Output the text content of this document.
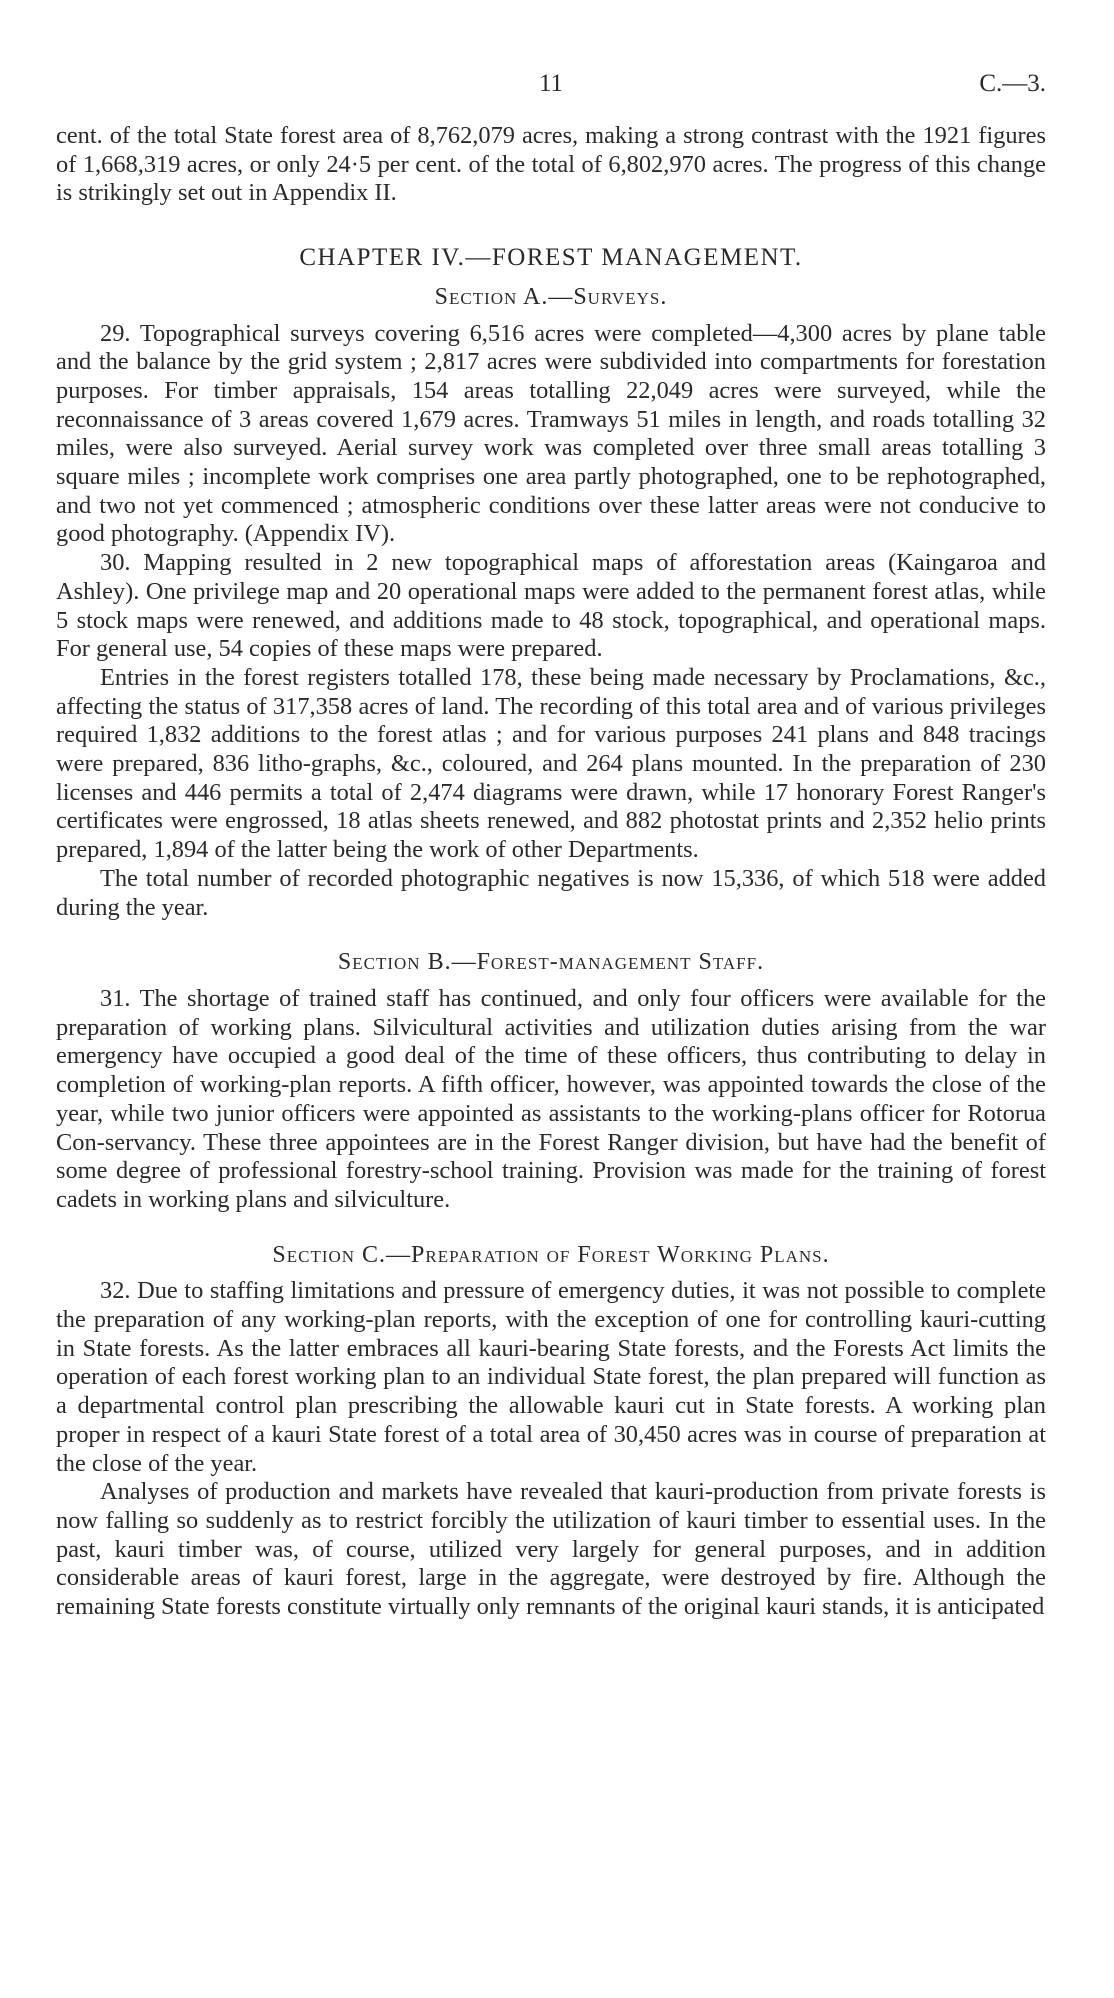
11	C.—3.

cent. of the total State forest area of 8,762,079 acres, making a strong contrast with the 1921 figures of 1,668,319 acres, or only 24·5 per cent. of the total of 6,802,970 acres. The progress of this change is strikingly set out in Appendix II.

CHAPTER IV.—FOREST MANAGEMENT.
Section A.—Surveys.

29. Topographical surveys covering 6,516 acres were completed—4,300 acres by plane table and the balance by the grid system ; 2,817 acres were subdivided into compartments for forestation purposes. For timber appraisals, 154 areas totalling 22,049 acres were surveyed, while the reconnaissance of 3 areas covered 1,679 acres. Tramways 51 miles in length, and roads totalling 32 miles, were also surveyed. Aerial survey work was completed over three small areas totalling 3 square miles ; incomplete work comprises one area partly photographed, one to be rephotographed, and two not yet commenced ; atmospheric conditions over these latter areas were not conducive to good photography. (Appendix IV).

30. Mapping resulted in 2 new topographical maps of afforestation areas (Kaingaroa and Ashley). One privilege map and 20 operational maps were added to the permanent forest atlas, while 5 stock maps were renewed, and additions made to 48 stock, topographical, and operational maps. For general use, 54 copies of these maps were prepared.

Entries in the forest registers totalled 178, these being made necessary by Proclamations, &c., affecting the status of 317,358 acres of land. The recording of this total area and of various privileges required 1,832 additions to the forest atlas ; and for various purposes 241 plans and 848 tracings were prepared, 836 litho-graphs, &c., coloured, and 264 plans mounted. In the preparation of 230 licenses and 446 permits a total of 2,474 diagrams were drawn, while 17 honorary Forest Ranger's certificates were engrossed, 18 atlas sheets renewed, and 882 photostat prints and 2,352 helio prints prepared, 1,894 of the latter being the work of other Departments.

The total number of recorded photographic negatives is now 15,336, of which 518 were added during the year.

Section B.—Forest-management Staff.

31. The shortage of trained staff has continued, and only four officers were available for the preparation of working plans. Silvicultural activities and utilization duties arising from the war emergency have occupied a good deal of the time of these officers, thus contributing to delay in completion of working-plan reports. A fifth officer, however, was appointed towards the close of the year, while two junior officers were appointed as assistants to the working-plans officer for Rotorua Con-servancy. These three appointees are in the Forest Ranger division, but have had the benefit of some degree of professional forestry-school training. Provision was made for the training of forest cadets in working plans and silviculture.

Section C.—Preparation of Forest Working Plans.

32. Due to staffing limitations and pressure of emergency duties, it was not possible to complete the preparation of any working-plan reports, with the exception of one for controlling kauri-cutting in State forests. As the latter embraces all kauri-bearing State forests, and the Forests Act limits the operation of each forest working plan to an individual State forest, the plan prepared will function as a departmental control plan prescribing the allowable kauri cut in State forests. A working plan proper in respect of a kauri State forest of a total area of 30,450 acres was in course of preparation at the close of the year.

Analyses of production and markets have revealed that kauri-production from private forests is now falling so suddenly as to restrict forcibly the utilization of kauri timber to essential uses. In the past, kauri timber was, of course, utilized very largely for general purposes, and in addition considerable areas of kauri forest, large in the aggregate, were destroyed by fire. Although the remaining State forests constitute virtually only remnants of the original kauri stands, it is anticipated
